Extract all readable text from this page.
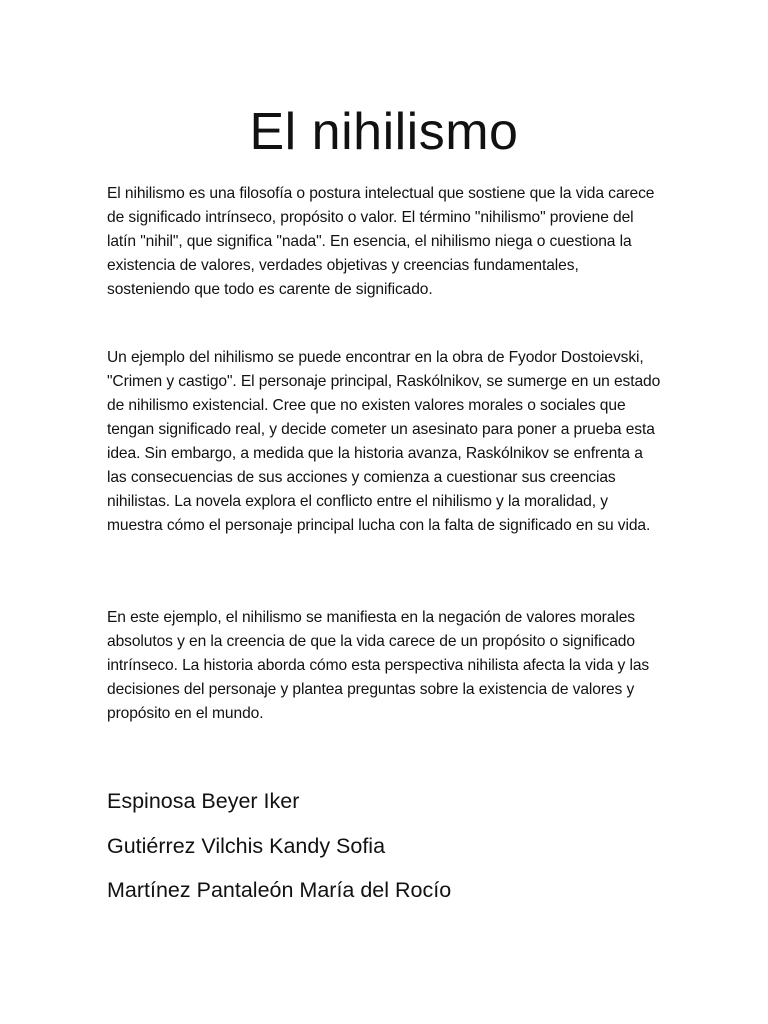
El nihilismo

El nihilismo es una filosofía o postura intelectual que sostiene que la vida carece de significado intrínseco, propósito o valor. El término "nihilismo" proviene del latín "nihil", que significa "nada". En esencia, el nihilismo niega o cuestiona la existencia de valores, verdades objetivas y creencias fundamentales, sosteniendo que todo es carente de significado.

Un ejemplo del nihilismo se puede encontrar en la obra de Fyodor Dostoievski, "Crimen y castigo". El personaje principal, Raskólnikov, se sumerge en un estado de nihilismo existencial. Cree que no existen valores morales o sociales que tengan significado real, y decide cometer un asesinato para poner a prueba esta idea. Sin embargo, a medida que la historia avanza, Raskólnikov se enfrenta a las consecuencias de sus acciones y comienza a cuestionar sus creencias nihilistas. La novela explora el conflicto entre el nihilismo y la moralidad, y muestra cómo el personaje principal lucha con la falta de significado en su vida.

En este ejemplo, el nihilismo se manifiesta en la negación de valores morales absolutos y en la creencia de que la vida carece de un propósito o significado intrínseco. La historia aborda cómo esta perspectiva nihilista afecta la vida y las decisiones del personaje y plantea preguntas sobre la existencia de valores y propósito en el mundo.

Espinosa Beyer Iker
Gutiérrez Vilchis Kandy Sofia
Martínez Pantaleón María del Rocío
